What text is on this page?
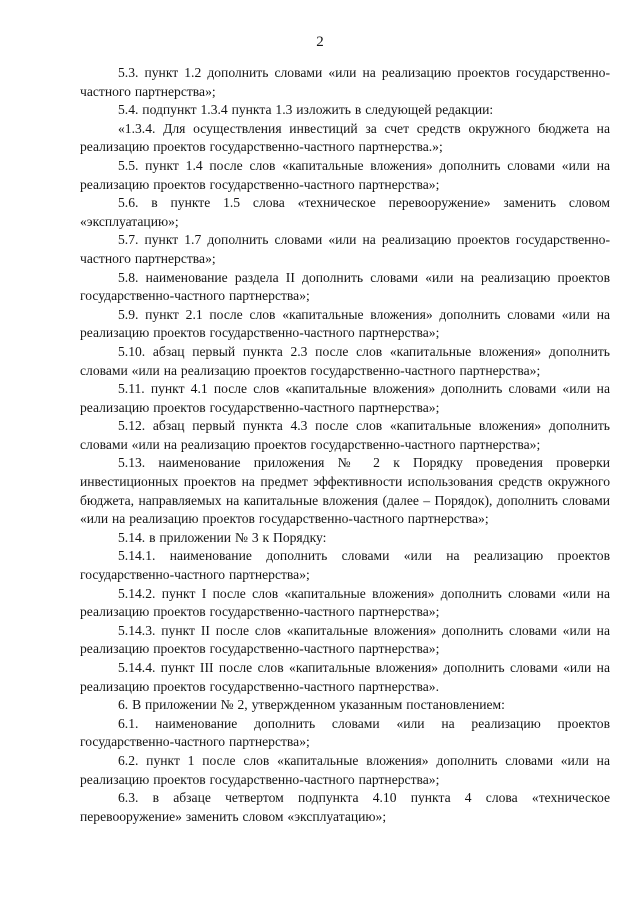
2

5.3. пункт 1.2 дополнить словами «или на реализацию проектов государственно-частного партнерства»;

5.4. подпункт 1.3.4 пункта 1.3 изложить в следующей редакции:

«1.3.4. Для осуществления инвестиций за счет средств окружного бюджета на реализацию проектов государственно-частного партнерства.»;

5.5. пункт 1.4 после слов «капитальные вложения» дополнить словами «или на реализацию проектов государственно-частного партнерства»;

5.6. в пункте 1.5 слова «техническое перевооружение» заменить словом «эксплуатацию»;

5.7. пункт 1.7 дополнить словами «или на реализацию проектов государственно-частного партнерства»;

5.8. наименование раздела II дополнить словами «или на реализацию проектов государственно-частного партнерства»;

5.9. пункт 2.1 после слов «капитальные вложения» дополнить словами «или на реализацию проектов государственно-частного партнерства»;

5.10. абзац первый пункта 2.3 после слов «капитальные вложения» дополнить словами «или на реализацию проектов государственно-частного партнерства»;

5.11. пункт 4.1 после слов «капитальные вложения» дополнить словами «или на реализацию проектов государственно-частного партнерства»;

5.12. абзац первый пункта 4.3 после слов «капитальные вложения» дополнить словами «или на реализацию проектов государственно-частного партнерства»;

5.13. наименование приложения № 2 к Порядку проведения проверки инвестиционных проектов на предмет эффективности использования средств окружного бюджета, направляемых на капитальные вложения (далее – Порядок), дополнить словами «или на реализацию проектов государственно-частного партнерства»;

5.14. в приложении № 3 к Порядку:

5.14.1. наименование дополнить словами «или на реализацию проектов государственно-частного партнерства»;

5.14.2. пункт I после слов «капитальные вложения» дополнить словами «или на реализацию проектов государственно-частного партнерства»;

5.14.3. пункт II после слов «капитальные вложения» дополнить словами «или на реализацию проектов государственно-частного партнерства»;

5.14.4. пункт III после слов «капитальные вложения» дополнить словами «или на реализацию проектов государственно-частного партнерства».

6. В приложении № 2, утвержденном указанным постановлением:

6.1. наименование дополнить словами «или на реализацию проектов государственно-частного партнерства»;

6.2. пункт 1 после слов «капитальные вложения» дополнить словами «или на реализацию проектов государственно-частного партнерства»;

6.3. в абзаце четвертом подпункта 4.10 пункта 4 слова «техническое перевооружение» заменить словом «эксплуатацию»;
